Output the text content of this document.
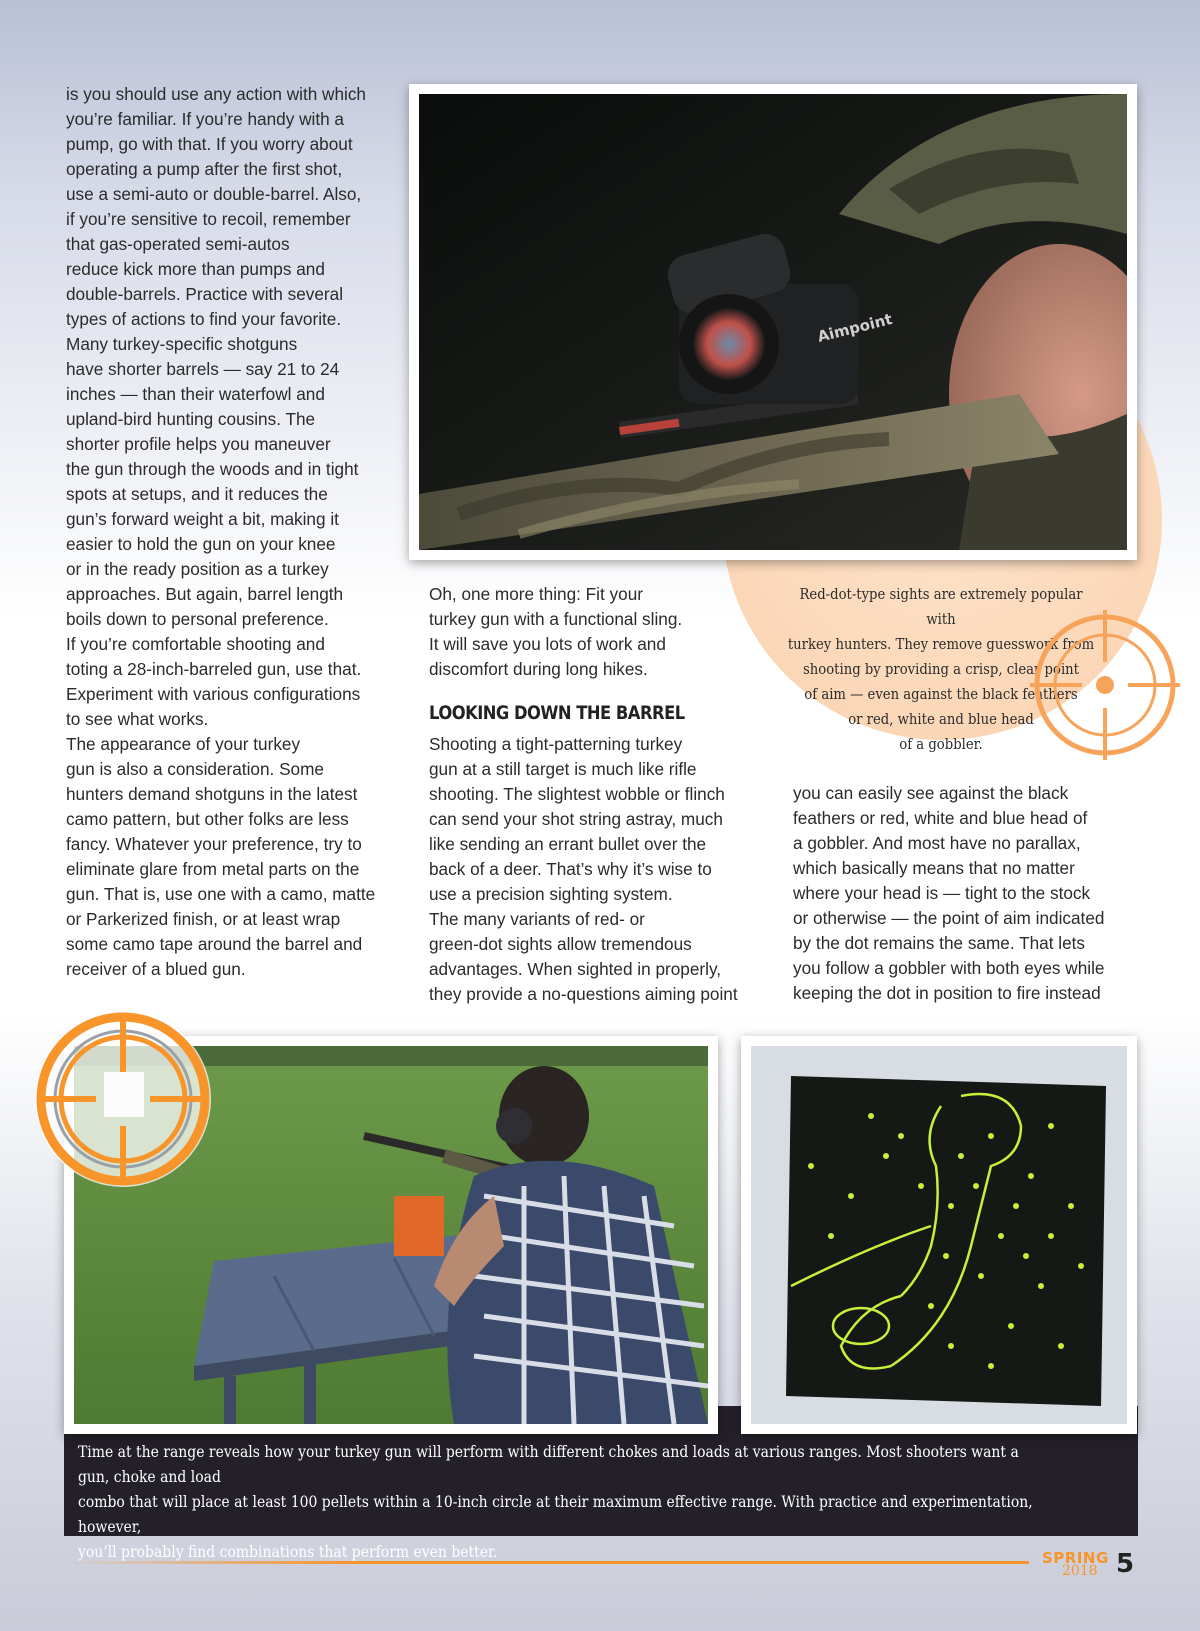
is you should use any action with which
you’re familiar. If you’re handy with a
pump, go with that. If you worry about
operating a pump after the first shot,
use a semi-auto or double-barrel. Also,
if you’re sensitive to recoil, remember
that gas-operated semi-autos
reduce kick more than pumps and
double-barrels. Practice with several
types of actions to find your favorite.
Many turkey-specific shotguns
have shorter barrels — say 21 to 24
inches — than their waterfowl and
upland-bird hunting cousins. The
shorter profile helps you maneuver
the gun through the woods and in tight
spots at setups, and it reduces the
gun’s forward weight a bit, making it
easier to hold the gun on your knee
or in the ready position as a turkey
approaches. But again, barrel length
boils down to personal preference.
If you’re comfortable shooting and
toting a 28-inch-barreled gun, use that.
Experiment with various configurations
to see what works.
The appearance of your turkey
gun is also a consideration. Some
hunters demand shotguns in the latest
camo pattern, but other folks are less
fancy. Whatever your preference, try to
eliminate glare from metal parts on the
gun. That is, use one with a camo, matte
or Parkerized finish, or at least wrap
some camo tape around the barrel and
receiver of a blued gun.
Aimpoint
Red-dot-type sights are extremely popular with
turkey hunters. They remove guesswork from
shooting by providing a crisp, clear point
of aim — even against the black feathers
or red, white and blue head
of a gobbler.
Oh, one more thing: Fit your
turkey gun with a functional sling.
It will save you lots of work and
discomfort during long hikes.
LOOKING DOWN THE BARREL
Shooting a tight-patterning turkey
gun at a still target is much like rifle
shooting. The slightest wobble or flinch
can send your shot string astray, much
like sending an errant bullet over the
back of a deer. That’s why it’s wise to
use a precision sighting system.
The many variants of red- or
green-dot sights allow tremendous
advantages. When sighted in properly,
they provide a no-questions aiming point
you can easily see against the black
feathers or red, white and blue head of
a gobbler. And most have no parallax,
which basically means that no matter
where your head is — tight to the stock
or otherwise — the point of aim indicated
by the dot remains the same. That lets
you follow a gobbler with both eyes while
keeping the dot in position to fire instead
Time at the range reveals how your turkey gun will perform with different chokes and loads at various ranges. Most shooters want a gun, choke and load
combo that will place at least 100 pellets within a 10-inch circle at their maximum effective range. With practice and experimentation, however,
you’ll probably find combinations that perform even better.	SPRING
2018 5
